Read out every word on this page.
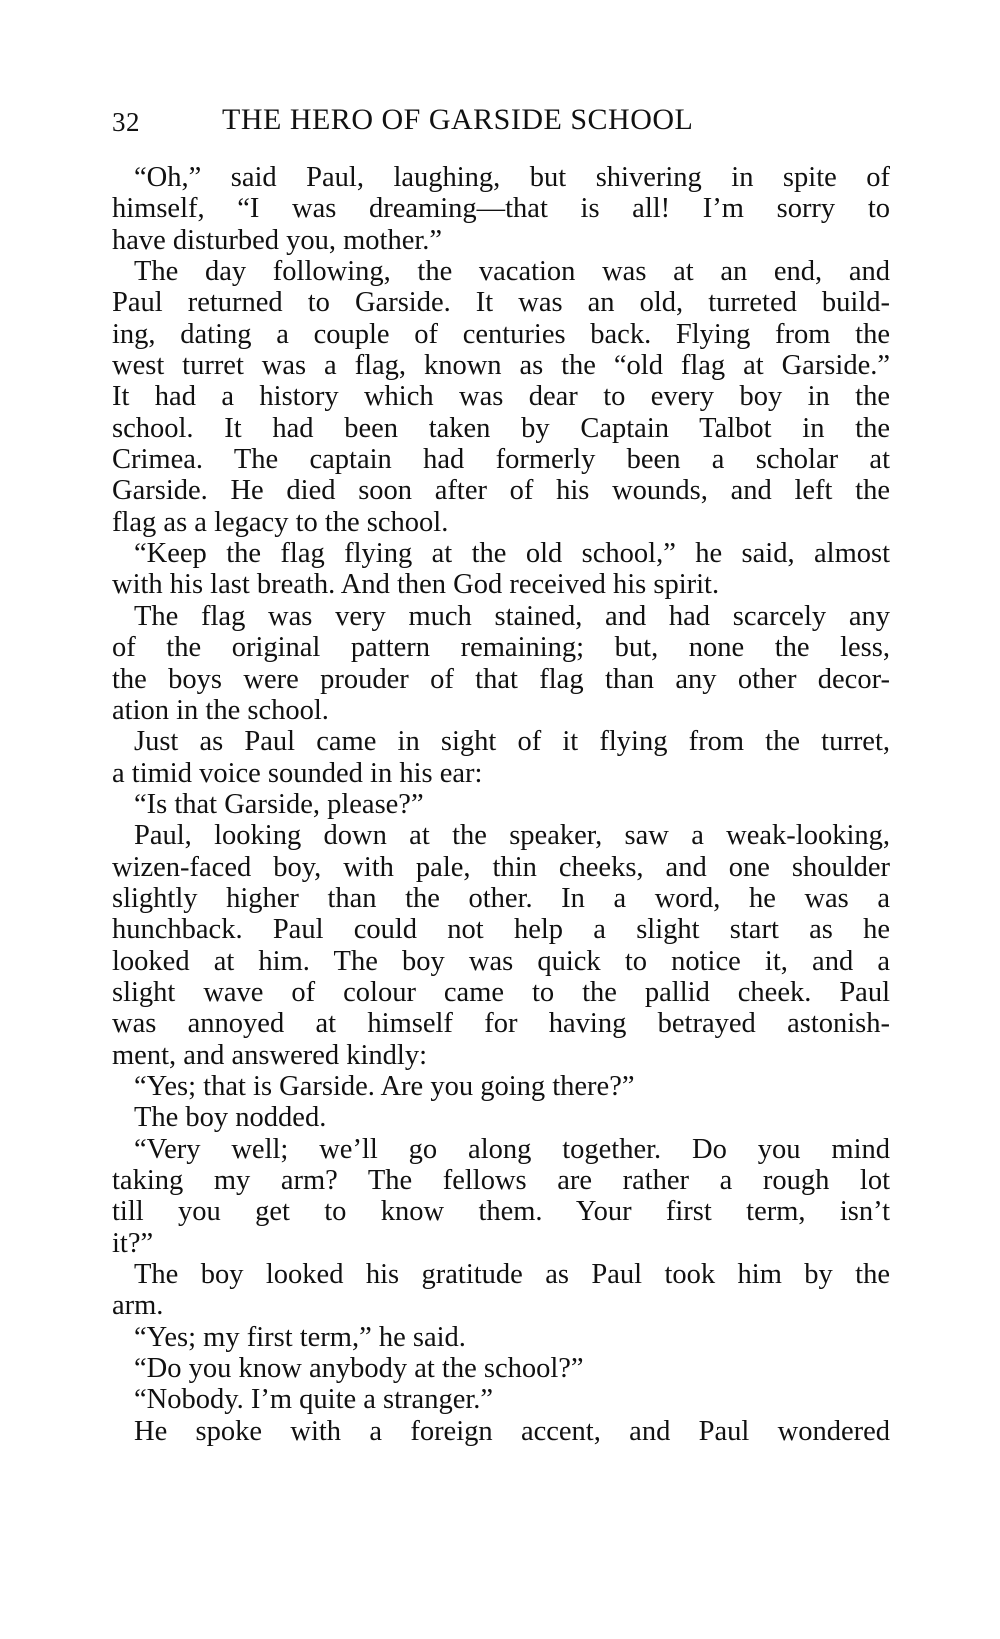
32	THE HERO OF GARSIDE SCHOOL
“Oh,” said Paul, laughing, but shivering in spite of
himself, “I was dreaming—that is all! I’m sorry to
have disturbed you, mother.”
The day following, the vacation was at an end, and
Paul returned to Garside. It was an old, turreted build-
ing, dating a couple of centuries back. Flying from the
west turret was a flag, known as the “old flag at Garside.”
It had a history which was dear to every boy in the
school. It had been taken by Captain Talbot in the
Crimea. The captain had formerly been a scholar at
Garside. He died soon after of his wounds, and left the
flag as a legacy to the school.
“Keep the flag flying at the old school,” he said, almost
with his last breath. And then God received his spirit.
The flag was very much stained, and had scarcely any
of the original pattern remaining; but, none the less,
the boys were prouder of that flag than any other decor-
ation in the school.
Just as Paul came in sight of it flying from the turret,
a timid voice sounded in his ear:
“Is that Garside, please?”
Paul, looking down at the speaker, saw a weak-looking,
wizen-faced boy, with pale, thin cheeks, and one shoulder
slightly higher than the other. In a word, he was a
hunchback. Paul could not help a slight start as he
looked at him. The boy was quick to notice it, and a
slight wave of colour came to the pallid cheek. Paul
was annoyed at himself for having betrayed astonish-
ment, and answered kindly:
“Yes; that is Garside. Are you going there?”
The boy nodded.
“Very well; we’ll go along together. Do you mind
taking my arm? The fellows are rather a rough lot
till you get to know them. Your first term, isn’t
it?”
The boy looked his gratitude as Paul took him by the
arm.
“Yes; my first term,” he said.
“Do you know anybody at the school?”
“Nobody. I’m quite a stranger.”
He spoke with a foreign accent, and Paul wondered
